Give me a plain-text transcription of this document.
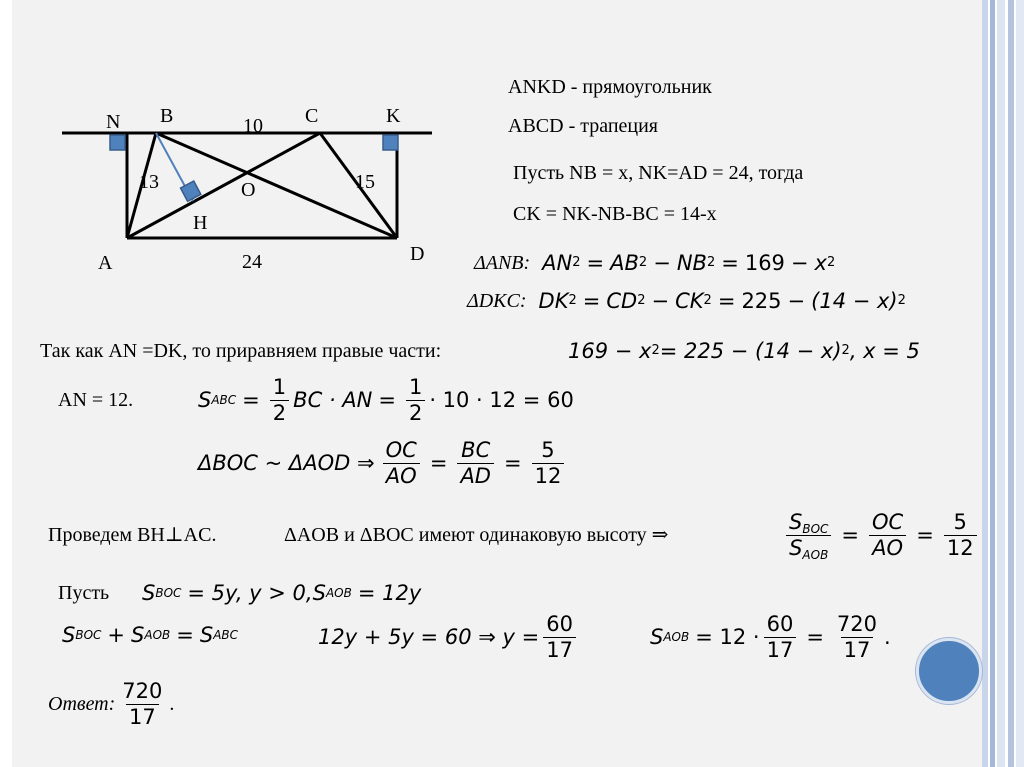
N B	C	K
A	D
O
H
10
24
13	15
ANKD - прямоугольник
ABCD - трапеция
Пусть NB = x, NK=AD = 24, тогда
CK = NK-NB-BC = 14-x
ΔANB: AN 2 = AB 2 − NB 2 = 169 − x 2
ΔDKC: DK 2 = CD 2 − CK 2 = 225 − (14 − x) 2
Так как AN =DK, то приравняем правые части:	169 − x 2 = 225 − (14 − x) 2 , x = 5
AN = 12.	S ABC = $\frac{1}{2}$ BC · AN = $\frac{1}{2} \cdot 10 \cdot 12 = 60$
ΔBOC ~ ΔAOD ⇒ $\frac{OC}{AO} = \frac{BC}{AD} = \frac{5}{12}$
Проведем BH⊥AC.	ΔAOB и ΔBOC имеют одинаковую высоту ⇒	$\frac{S_{BOC}}{S_{AOB}} = \frac{OC}{AO} = \frac{5}{12}$
Пусть S BOC = 5y, y > 0, S AOB = 12y
S BOC + S AOB = S ABC	12y + 5y = 60 ⇒ $y = \frac{60}{17}$	S AOB = $12 \cdot \frac{60}{17} = \frac{720}{17}$ .
Ответ: $\frac{720}{17}$ .
